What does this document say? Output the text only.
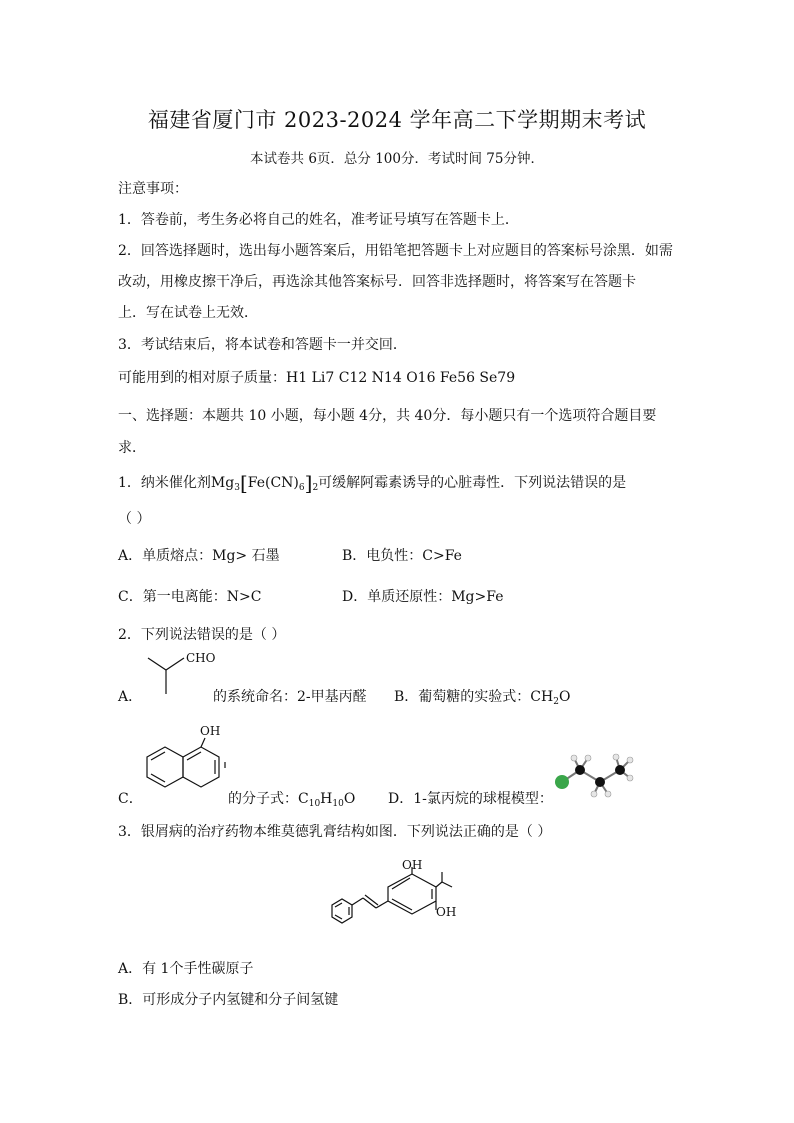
福建省厦门市 2023-2024 学年高二下学期期末考试
本试卷共 6页．总分 100分．考试时间 75分钟．
注意事项：
1．答卷前，考生务必将自己的姓名，准考证号填写在答题卡上．
2．回答选择题时，选出每小题答案后，用铅笔把答题卡上对应题目的答案标号涂黑．如需
改动，用橡皮擦干净后，再选涂其他答案标号．回答非选择题时，将答案写在答题卡
上．写在试卷上无效．
3．考试结束后，将本试卷和答题卡一并交回．
可能用到的相对原子质量：H1 Li7 C12 N14 O16 Fe56 Se79
一、选择题：本题共 10 小题，每小题 4分，共 40分．每小题只有一个选项符合题目要
求．
1．纳米催化剂$Mg_3[Fe(CN)_6]_2$可缓解阿霉素诱导的心脏毒性．下列说法错误的是
（ ）
A．单质熔点：Mg> 石墨	B．电负性：C>Fe
C．第一电离能：N>C	D．单质还原性：Mg>Fe
2．下列说法错误的是（ ）
A．
CHO
的系统命名：2-甲基丙醛 B．葡萄糖的实验式：$CH_2O$
C．
OH
的分子式：$C_{10}H_{10}O$ D．1-氯丙烷的球棍模型：
3．银屑病的治疗药物本维莫德乳膏结构如图．下列说法正确的是（ ）
OH
OH
A．有 1个手性碳原子
B．可形成分子内氢键和分子间氢键
